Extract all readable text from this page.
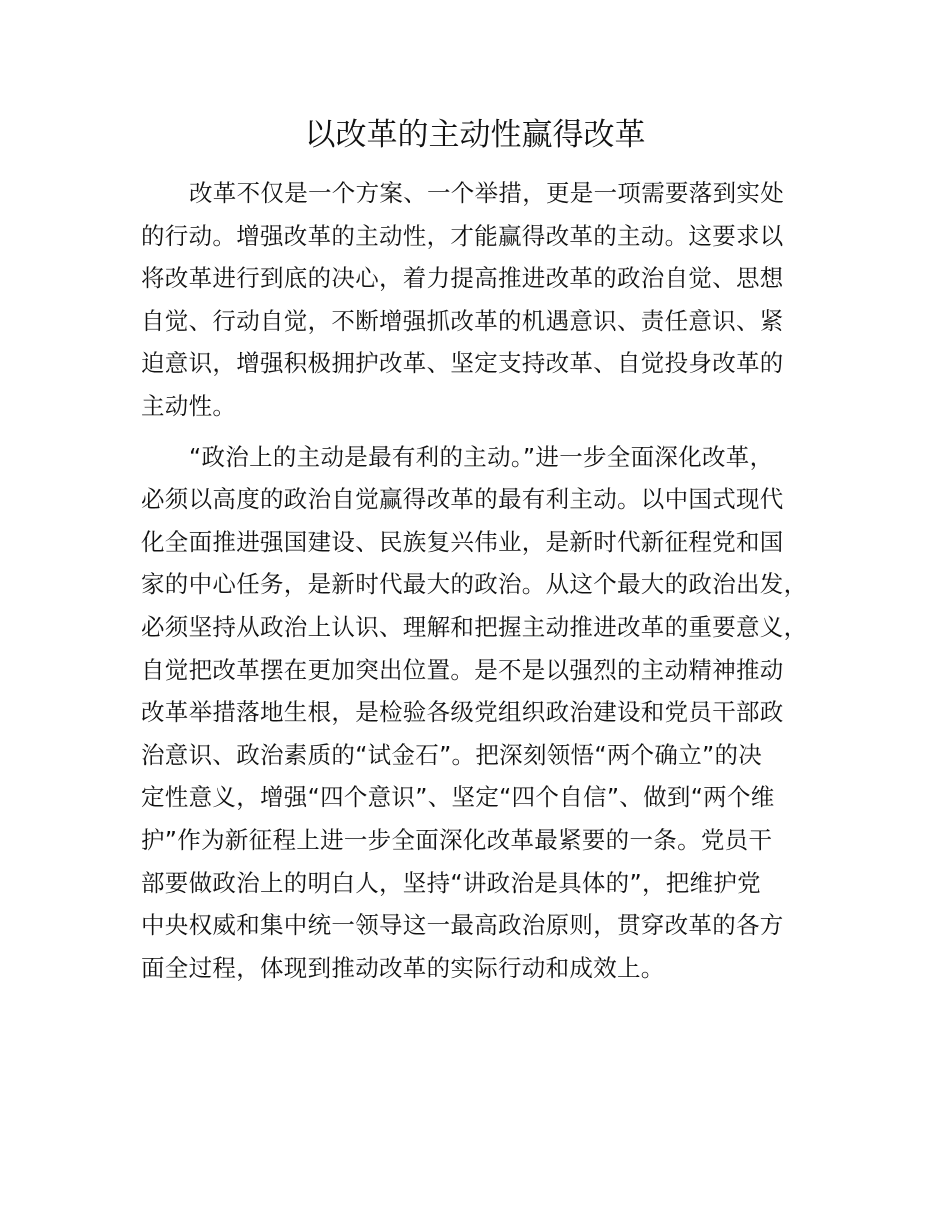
以改革的主动性赢得改革
改革不仅是一个方案、一个举措，更是一项需要落到实处
的行动。增强改革的主动性，才能赢得改革的主动。这要求以
将改革进行到底的决心，着力提高推进改革的政治自觉、思想
自觉、行动自觉，不断增强抓改革的机遇意识、责任意识、紧
迫意识，增强积极拥护改革、坚定支持改革、自觉投身改革的
主动性。
“政治上的主动是最有利的主动。”进一步全面深化改革，
必须以高度的政治自觉赢得改革的最有利主动。以中国式现代
化全面推进强国建设、民族复兴伟业，是新时代新征程党和国
家的中心任务，是新时代最大的政治。从这个最大的政治出发，
必须坚持从政治上认识、理解和把握主动推进改革的重要意义，
自觉把改革摆在更加突出位置。是不是以强烈的主动精神推动
改革举措落地生根，是检验各级党组织政治建设和党员干部政
治意识、政治素质的“试金石”。把深刻领悟“两个确立”的决
定性意义，增强“四个意识”、坚定“四个自信”、做到“两个维
护”作为新征程上进一步全面深化改革最紧要的一条。党员干
部要做政治上的明白人，坚持“讲政治是具体的”，把维护党
中央权威和集中统一领导这一最高政治原则，贯穿改革的各方
面全过程，体现到推动改革的实际行动和成效上。
